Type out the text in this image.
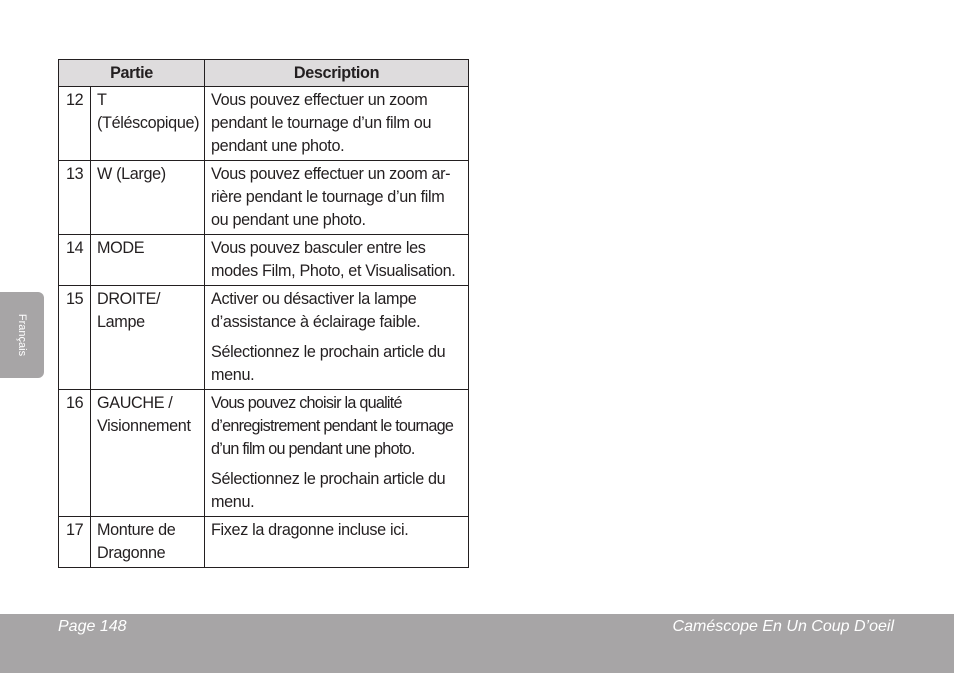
Français
Partie		Description
12	T (Téléscopique)	Vous pouvez effectuer un zoom pendant le tournage d’un film ou pendant une photo.

13	W (Large)	Vous pouvez effectuer un zoom ar-rière pendant le tournage d’un film ou pendant une photo.

14	MODE	Vous pouvez basculer entre les modes Film, Photo, et Visualisation.

15	DROITE/ Lampe	Activer ou désactiver la lampe d’assistance à éclairage faible.
Sélectionnez le prochain article du menu.

16	GAUCHE / Visionnement	Vous pouvez choisir la qualité d’enregistrement pendant le tournage d’un film ou pendant une photo.
Sélectionnez le prochain article du menu.

17	Monture de Dragonne	Fixez la dragonne incluse ici.
Page 148	Caméscope En Un Coup D’oeil
